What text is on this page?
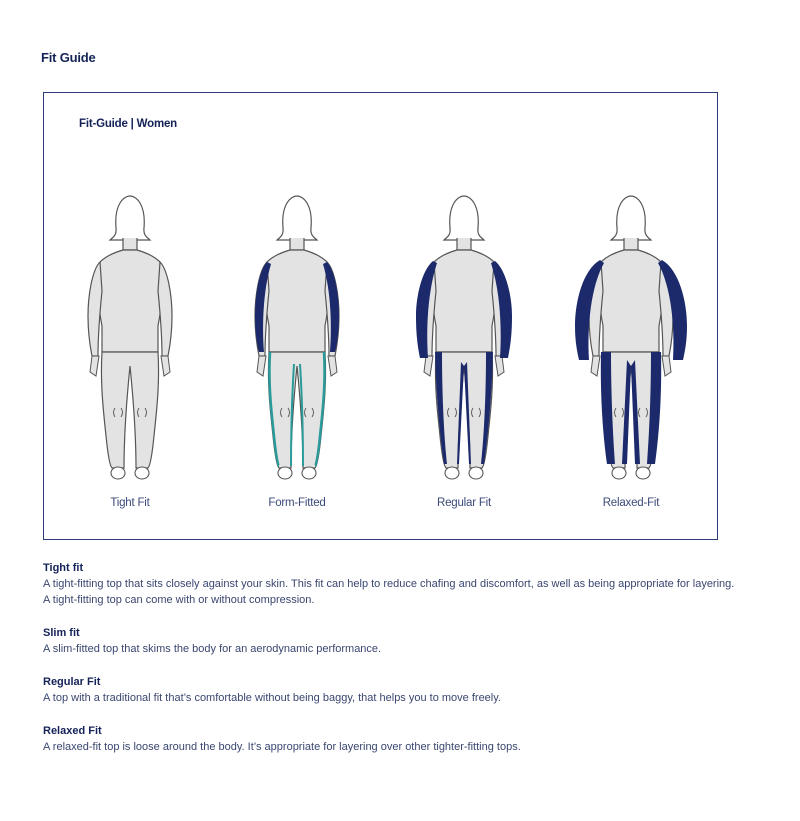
Fit Guide
Fit-Guide | Women
Tight Fit	Form-Fitted	Regular Fit	Relaxed-Fit
Tight fit
A tight-fitting top that sits closely against your skin. This fit can help to reduce chafing and discomfort, as well as being appropriate for layering. A tight-fitting top can come with or without compression.
Slim fit
A slim-fitted top that skims the body for an aerodynamic performance.
Regular Fit
A top with a traditional fit that’s comfortable without being baggy, that helps you to move freely.
Relaxed Fit
A relaxed-fit top is loose around the body. It’s appropriate for layering over other tighter-fitting tops.
